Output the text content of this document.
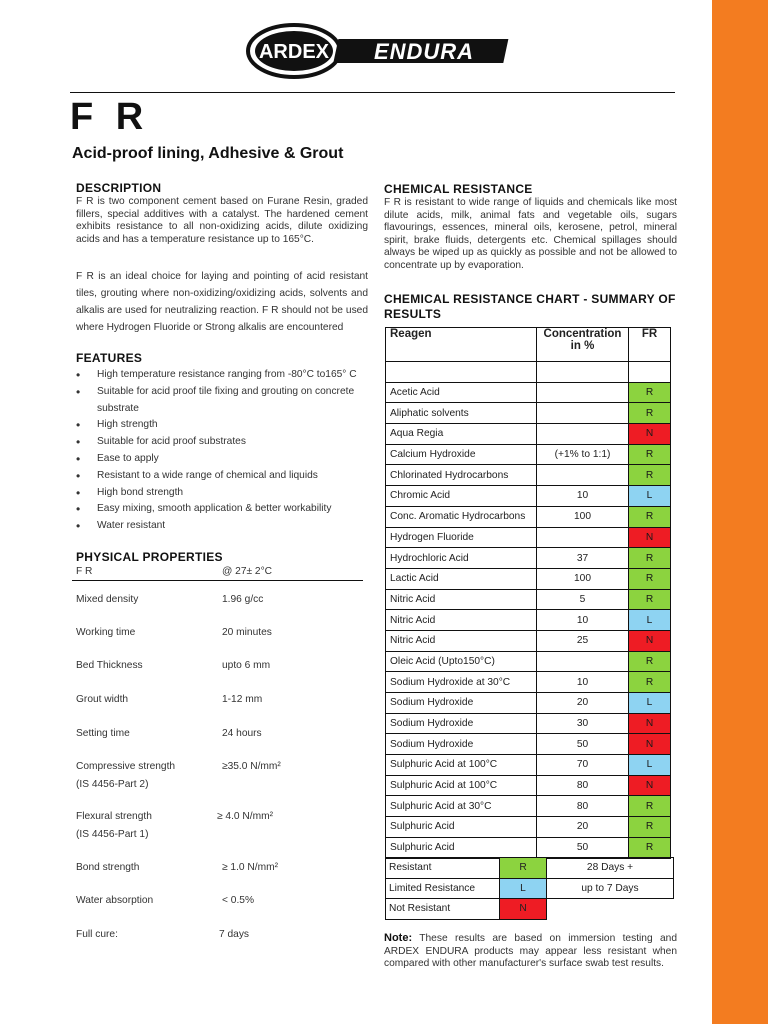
ARDEX ENDURA
F R
Acid-proof lining, Adhesive & Grout
DESCRIPTION
F R is two component cement based on Furane Resin, graded fillers, special additives with a catalyst. The hardened cement exhibits resistance to all non-oxidizing acids, dilute oxidizing acids and has a temperature resistance up to 165°C.
F R is an ideal choice for laying and pointing of acid resistant tiles, grouting where non-oxidizing/oxidizing acids, solvents and alkalis are used for neutralizing reaction. F R should not be used where Hydrogen Fluoride or Strong alkalis are encountered
FEATURES
• High temperature resistance ranging from -80°C to165° C
• Suitable for acid proof tile fixing and grouting on concrete substrate
• High strength
• Suitable for acid proof substrates
• Ease to apply
• Resistant to a wide range of chemical and liquids
• High bond strength
• Easy mixing, smooth application & better workability
• Water resistant
PHYSICAL PROPERTIES
F R	@ 27± 2°C
Mixed density	1.96 g/cc
Working time	20 minutes
Bed Thickness	upto 6 mm
Grout width	1-12 mm
Setting time	24 hours
Compressive strength	≥35.0 N/mm²
(IS 4456-Part 2)
Flexural strength	≥ 4.0 N/mm²
(IS 4456-Part 1)
Bond strength	≥ 1.0 N/mm²
Water absorption	< 0.5%
Full cure:	7 days
CHEMICAL RESISTANCE
F R is resistant to wide range of liquids and chemicals like most dilute acids, milk, animal fats and vegetable oils, sugars flavourings, essences, mineral oils, kerosene, petrol, mineral spirit, brake fluids, detergents etc. Chemical spillages should always be wiped up as quickly as possible and not be allowed to concentrate up by evaporation.
CHEMICAL RESISTANCE CHART - SUMMARY OF RESULTS
Reagen	Concentration in %	FR

Acetic Acid		R
Aliphatic solvents		R
Aqua Regia		N
Calcium Hydroxide	(+1% to 1:1)	R
Chlorinated Hydrocarbons		R
Chromic Acid	10	L
Conc. Aromatic Hydrocarbons	100	R
Hydrogen Fluoride		N
Hydrochloric Acid	37	R
Lactic Acid	100	R
Nitric Acid	5	R
Nitric Acid	10	L
Nitric Acid	25	N
Oleic Acid (Upto150°C)		R
Sodium Hydroxide at 30°C	10	R
Sodium Hydroxide	20	L
Sodium Hydroxide	30	N
Sodium Hydroxide	50	N
Sulphuric Acid at 100°C	70	L
Sulphuric Acid at 100°C	80	N
Sulphuric Acid at 30°C	80	R
Sulphuric Acid	20	R
Sulphuric Acid	50	R
Resistant	R	28 Days +
Limited Resistance	L	up to 7 Days
Not Resistant	N	
Note: These results are based on immersion testing and ARDEX ENDURA products may appear less resistant when compared with other manufacturer's surface swab test results.
